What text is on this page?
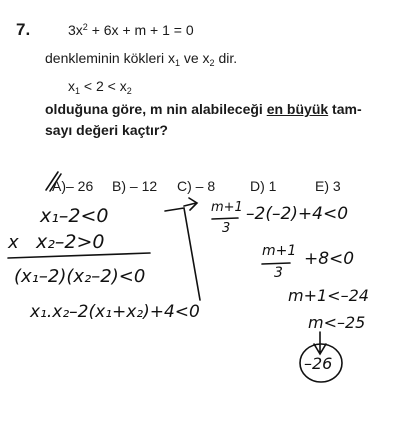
7.	$3x^2 + 6x + m + 1 = 0$
denkleminin kökleri $x_1$ ve $x_2$ dir.
$x_1 < 2 < x_2$
olduğuna göre, m nin alabileceği en büyük tam-
sayı değeri kaçtır?
A)– 26 B) – 12 C) – 8 D) 1	E) 3
x₁–2<0
x x₂–2>0
(x₁–2)(x₂–2)<0
x₁.x₂–2(x₁+x₂)+4<0
m+1
3
–2(–2)+4<0
m+1
3
+8<0
m+1<–24
m<–25
–26
